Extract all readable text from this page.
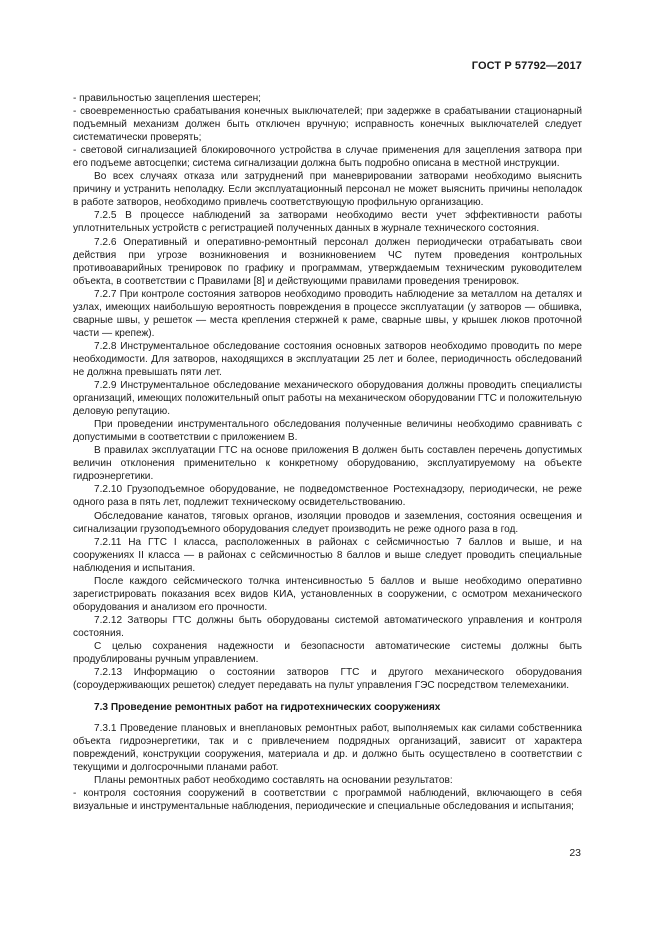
ГОСТ Р 57792—2017

- правильностью зацепления шестерен;

- своевременностью срабатывания конечных выключателей; при задержке в срабатывании стационарный подъемный механизм должен быть отключен вручную; исправность конечных выключателей следует систематически проверять;

- световой сигнализацией блокировочного устройства в случае применения для зацепления затвора при его подъеме автосцепки; система сигнализации должна быть подробно описана в местной инструкции.

Во всех случаях отказа или затруднений при маневрировании затворами необходимо выяснить причину и устранить неполадку. Если эксплуатационный персонал не может выяснить причины неполадок в работе затворов, необходимо привлечь соответствующую профильную организацию.

7.2.5 В процессе наблюдений за затворами необходимо вести учет эффективности работы уплотнительных устройств с регистрацией полученных данных в журнале технического состояния.

7.2.6 Оперативный и оперативно-ремонтный персонал должен периодически отрабатывать свои действия при угрозе возникновения и возникновением ЧС путем проведения контрольных противоаварийных тренировок по графику и программам, утверждаемым техническим руководителем объекта, в соответствии с Правилами [8] и действующими правилами проведения тренировок.

7.2.7 При контроле состояния затворов необходимо проводить наблюдение за металлом на деталях и узлах, имеющих наибольшую вероятность повреждения в процессе эксплуатации (у затворов — обшивка, сварные швы, у решеток — места крепления стержней к раме, сварные швы, у крышек люков проточной части — крепеж).

7.2.8 Инструментальное обследование состояния основных затворов необходимо проводить по мере необходимости. Для затворов, находящихся в эксплуатации 25 лет и более, периодичность обследований не должна превышать пяти лет.

7.2.9 Инструментальное обследование механического оборудования должны проводить специалисты организаций, имеющих положительный опыт работы на механическом оборудовании ГТС и положительную деловую репутацию.

При проведении инструментального обследования полученные величины необходимо сравнивать с допустимыми в соответствии с приложением В.

В правилах эксплуатации ГТС на основе приложения В должен быть составлен перечень допустимых величин отклонения применительно к конкретному оборудованию, эксплуатируемому на объекте гидроэнергетики.

7.2.10 Грузоподъемное оборудование, не подведомственное Ростехнадзору, периодически, не реже одного раза в пять лет, подлежит техническому освидетельствованию.

Обследование канатов, тяговых органов, изоляции проводов и заземления, состояния освещения и сигнализации грузоподъемного оборудования следует производить не реже одного раза в год.

7.2.11 На ГТС I класса, расположенных в районах с сейсмичностью 7 баллов и выше, и на сооружениях II класса — в районах с сейсмичностью 8 баллов и выше следует проводить специальные наблюдения и испытания.

После каждого сейсмического толчка интенсивностью 5 баллов и выше необходимо оперативно зарегистрировать показания всех видов КИА, установленных в сооружении, с осмотром механического оборудования и анализом его прочности.

7.2.12 Затворы ГТС должны быть оборудованы системой автоматического управления и контроля состояния.

С целью сохранения надежности и безопасности автоматические системы должны быть продублированы ручным управлением.

7.2.13 Информацию о состоянии затворов ГТС и другого механического оборудования (сороудерживающих решеток) следует передавать на пульт управления ГЭС посредством телемеханики.

7.3 Проведение ремонтных работ на гидротехнических сооружениях

7.3.1 Проведение плановых и внеплановых ремонтных работ, выполняемых как силами собственника объекта гидроэнергетики, так и с привлечением подрядных организаций, зависит от характера повреждений, конструкции сооружения, материала и др. и должно быть осуществлено в соответствии с текущими и долгосрочными планами работ.

Планы ремонтных работ необходимо составлять на основании результатов:

- контроля состояния сооружений в соответствии с программой наблюдений, включающего в себя визуальные и инструментальные наблюдения, периодические и специальные обследования и испытания;

23
